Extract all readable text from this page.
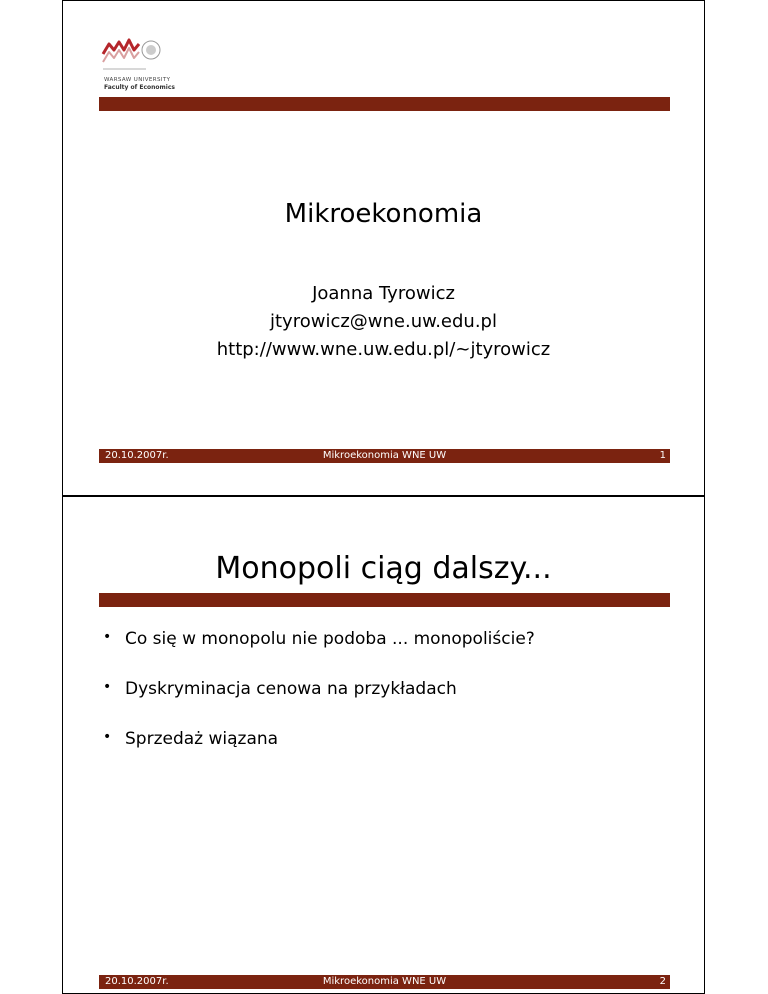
WARSAW UNIVERSITY
Faculty of Economics
Mikroekonomia
Joanna Tyrowicz
jtyrowicz@wne.uw.edu.pl
http://www.wne.uw.edu.pl/~jtyrowicz
20.10.2007r.	Mikroekonomia WNE UW	1
Monopoli ciąg dalszy...
• Co się w monopolu nie podoba ... monopoliście?
• Dyskryminacja cenowa na przykładach
• Sprzedaż wiązana
20.10.2007r.	Mikroekonomia WNE UW	2
